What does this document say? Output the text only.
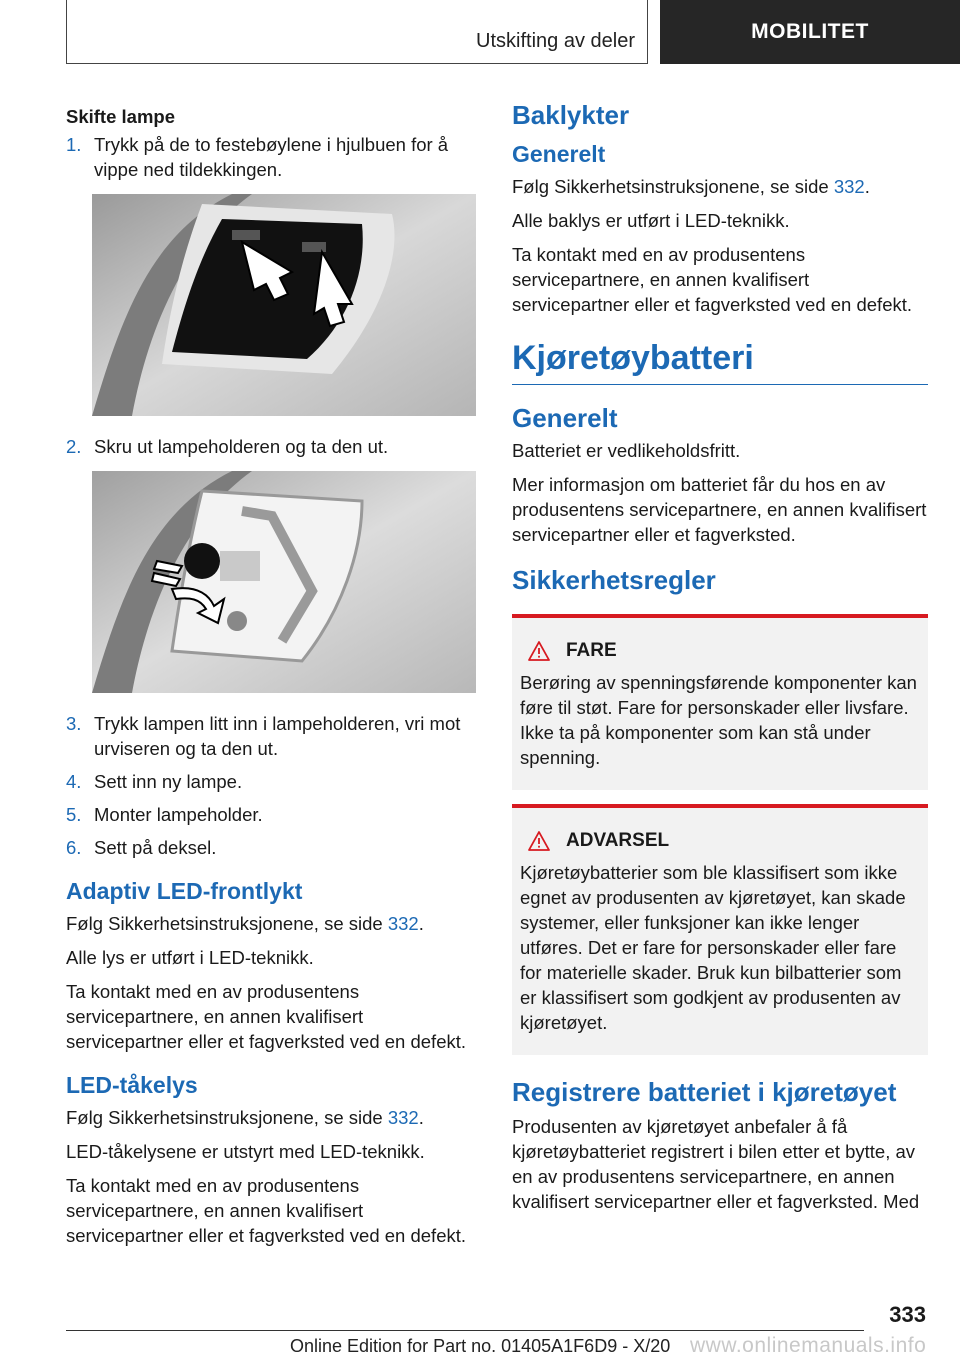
Utskifting av deler	MOBILITET
Skifte lampe
1. Trykk på de to festebøylene i hjulbuen for å vippe ned tildekkingen.
2. Skru ut lampeholderen og ta den ut.
3. Trykk lampen litt inn i lampeholderen, vri mot urviseren og ta den ut.
4. Sett inn ny lampe.
5. Monter lampeholder.
6. Sett på deksel.
Adaptiv LED-frontlykt
Følg Sikkerhetsinstruksjonene, se side 332.
Alle lys er utført i LED-teknikk.
Ta kontakt med en av produsentens servicepartnere, en annen kvalifisert servicepartner eller et fagverksted ved en defekt.
LED-tåkelys
Følg Sikkerhetsinstruksjonene, se side 332.
LED-tåkelysene er utstyrt med LED-teknikk.
Ta kontakt med en av produsentens servicepartnere, en annen kvalifisert servicepartner eller et fagverksted ved en defekt.
Baklykter
Generelt
Følg Sikkerhetsinstruksjonene, se side 332.
Alle baklys er utført i LED-teknikk.
Ta kontakt med en av produsentens servicepartnere, en annen kvalifisert servicepartner eller et fagverksted ved en defekt.
Kjøretøybatteri
Generelt
Batteriet er vedlikeholdsfritt.
Mer informasjon om batteriet får du hos en av produsentens servicepartnere, en annen kvalifisert servicepartner eller et fagverksted.
Sikkerhetsregler
FARE
Berøring av spenningsførende komponenter kan føre til støt. Fare for personskader eller livsfare. Ikke ta på komponenter som kan stå under spenning.
ADVARSEL
Kjøretøybatterier som ble klassifisert som ikke egnet av produsenten av kjøretøyet, kan skade systemer, eller funksjoner kan ikke lenger utføres. Det er fare for personskader eller fare for materielle skader. Bruk kun bilbatterier som er klassifisert som godkjent av produsenten av kjøretøyet.
Registrere batteriet i kjøretøyet
Produsenten av kjøretøyet anbefaler å få kjøretøybatteriet registrert i bilen etter et bytte, av en av produsentens servicepartnere, en annen kvalifisert servicepartner eller et fagverksted. Med
333
Online Edition for Part no. 01405A1F6D9 - X/20 www.onlinemanuals.info
